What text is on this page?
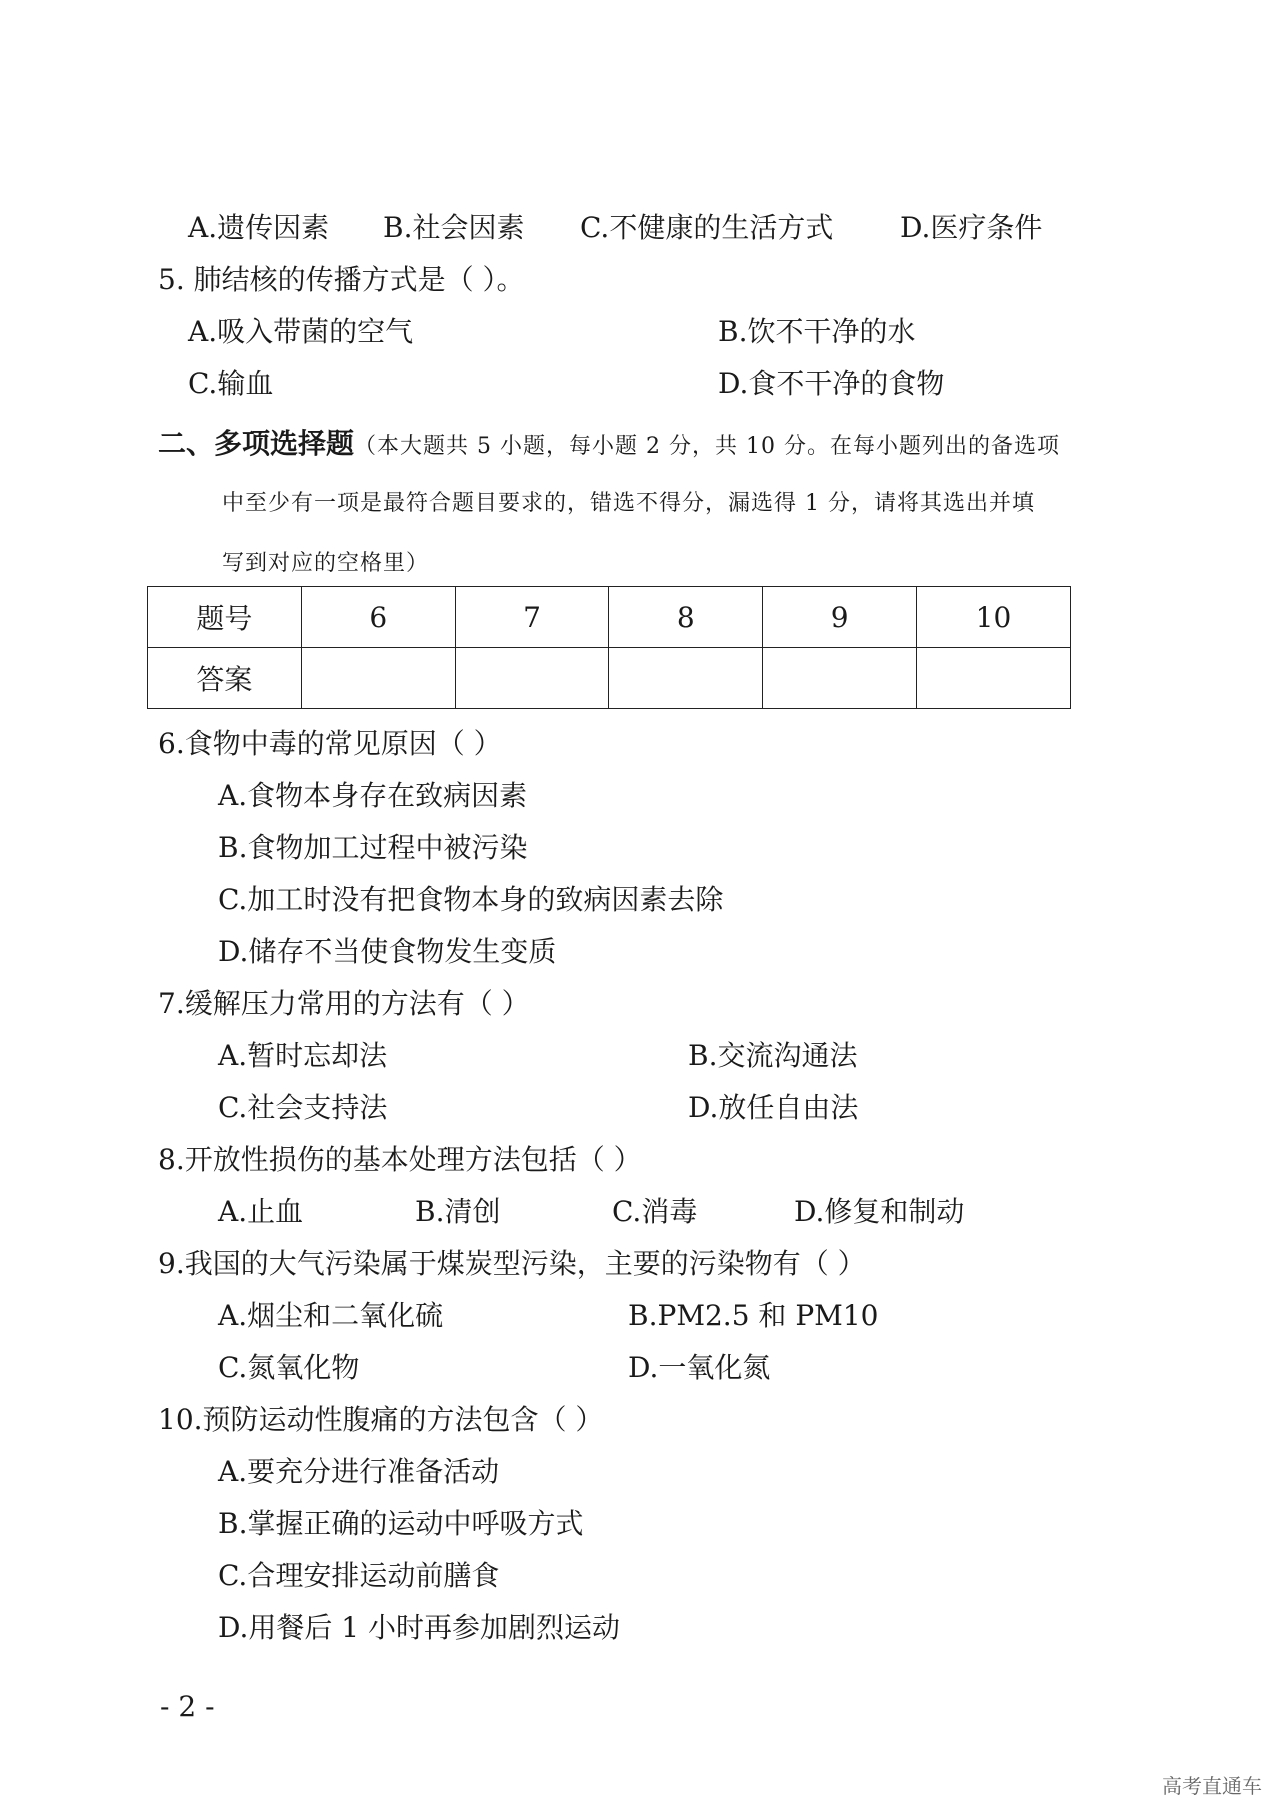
A.遗传因素 B.社会因素 C.不健康的生活方式 D.医疗条件
5. 肺结核的传播方式是（ ）。
A.吸入带菌的空气	B.饮不干净的水
C.输血	D.食不干净的食物
二、多项选择题（本大题共 5 小题，每小题 2 分，共 10 分。在每小题列出的备选项
中至少有一项是最符合题目要求的，错选不得分，漏选得 1 分，请将其选出并填
写到对应的空格里）
题号	6	7	8	9	10
答案					
6.食物中毒的常见原因（ ）
A.食物本身存在致病因素
B.食物加工过程中被污染
C.加工时没有把食物本身的致病因素去除
D.储存不当使食物发生变质
7.缓解压力常用的方法有（ ）
A.暂时忘却法	B.交流沟通法
C.社会支持法	D.放任自由法
8.开放性损伤的基本处理方法包括（ ）
A.止血	B.清创	C.消毒	D.修复和制动
9.我国的大气污染属于煤炭型污染，主要的污染物有（ ）
A.烟尘和二氧化硫	B.PM2.5 和 PM10
C.氮氧化物	D.一氧化氮
10.预防运动性腹痛的方法包含（ ）
A.要充分进行准备活动
B.掌握正确的运动中呼吸方式
C.合理安排运动前膳食
D.用餐后 1 小时再参加剧烈运动
- 2 -
高考直通车
